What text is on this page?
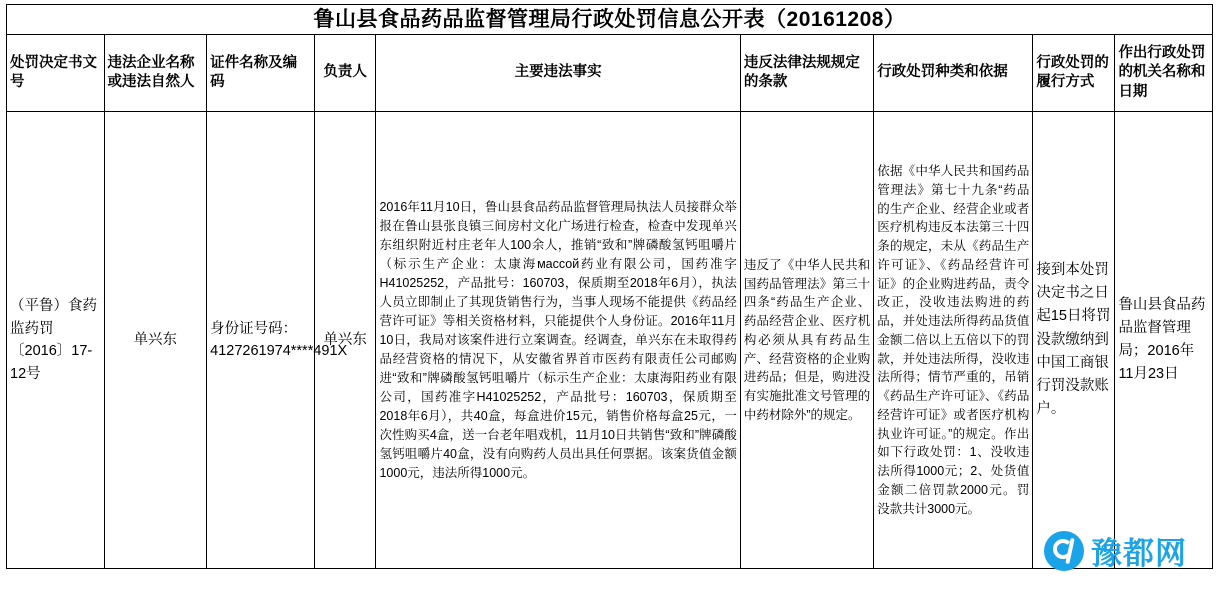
鲁山县食品药品监督管理局行政处罚信息公开表（20161208）								
处罚决定书文号	违法企业名称或违法自然人	证件名称及编码	负责人	主要违法事实	违反法律法规规定的条款	行政处罚种类和依据	行政处罚的履行方式	作出行政处罚的机关名称和日期
（平鲁）食药监药罚〔2016〕17-12号	单兴东	身份证号码：4127261974****491X	单兴东	2016年11月10日，鲁山县食品药品监督管理局执法人员接群众举报在鲁山县张良镇三间房村文化广场进行检查，检查中发现单兴东组织附近村庄老年人100余人，推销“致和”牌磷酸氢钙咀嚼片（标示生产企业：太康海массой药业有限公司，国药准字H41025252，产品批号：160703，保质期至2018年6月），执法人员立即制止了其现货销售行为，当事人现场不能提供《药品经营许可证》等相关资格材料，只能提供个人身份证。2016年11月10日，我局对该案件进行立案调查。经调查，单兴东在未取得药品经营资格的情况下，从安徽省界首市医药有限责任公司邮购进“致和”牌磷酸氢钙咀嚼片（标示生产企业：太康海阳药业有限公司，国药准字H41025252，产品批号：160703，保质期至2018年6月），共40盒，每盒进价15元，销售价格每盒25元，一次性购买4盒，送一台老年唱戏机，11月10日共销售“致和”牌磷酸氢钙咀嚼片40盒，没有向购药人员出具任何票据。该案货值金额1000元，违法所得1000元。	违反了《中华人民共和国药品管理法》第三十四条“药品生产企业、药品经营企业、医疗机构必须从具有药品生产、经营资格的企业购进药品；但是，购进没有实施批准文号管理的中药材除外”的规定。	依据《中华人民共和国药品管理法》第七十九条“药品的生产企业、经营企业或者医疗机构违反本法第三十四条的规定，未从《药品生产许可证》、《药品经营许可证》的企业购进药品，责令改正，没收违法购进的药品，并处违法所得药品货值金额二倍以上五倍以下的罚款，并处违法所得，没收违法所得；情节严重的，吊销《药品生产许可证》、《药品经营许可证》或者医疗机构执业许可证。”的规定。作出如下行政处罚：1、没收违法所得1000元；2、处货值金额二倍罚款2000元。罚没款共计3000元。	接到本处罚决定书之日起15日将罚没款缴纳到中国工商银行罚没款账户。	鲁山县食品药品监督管理局；2016年11月23日
豫都网
